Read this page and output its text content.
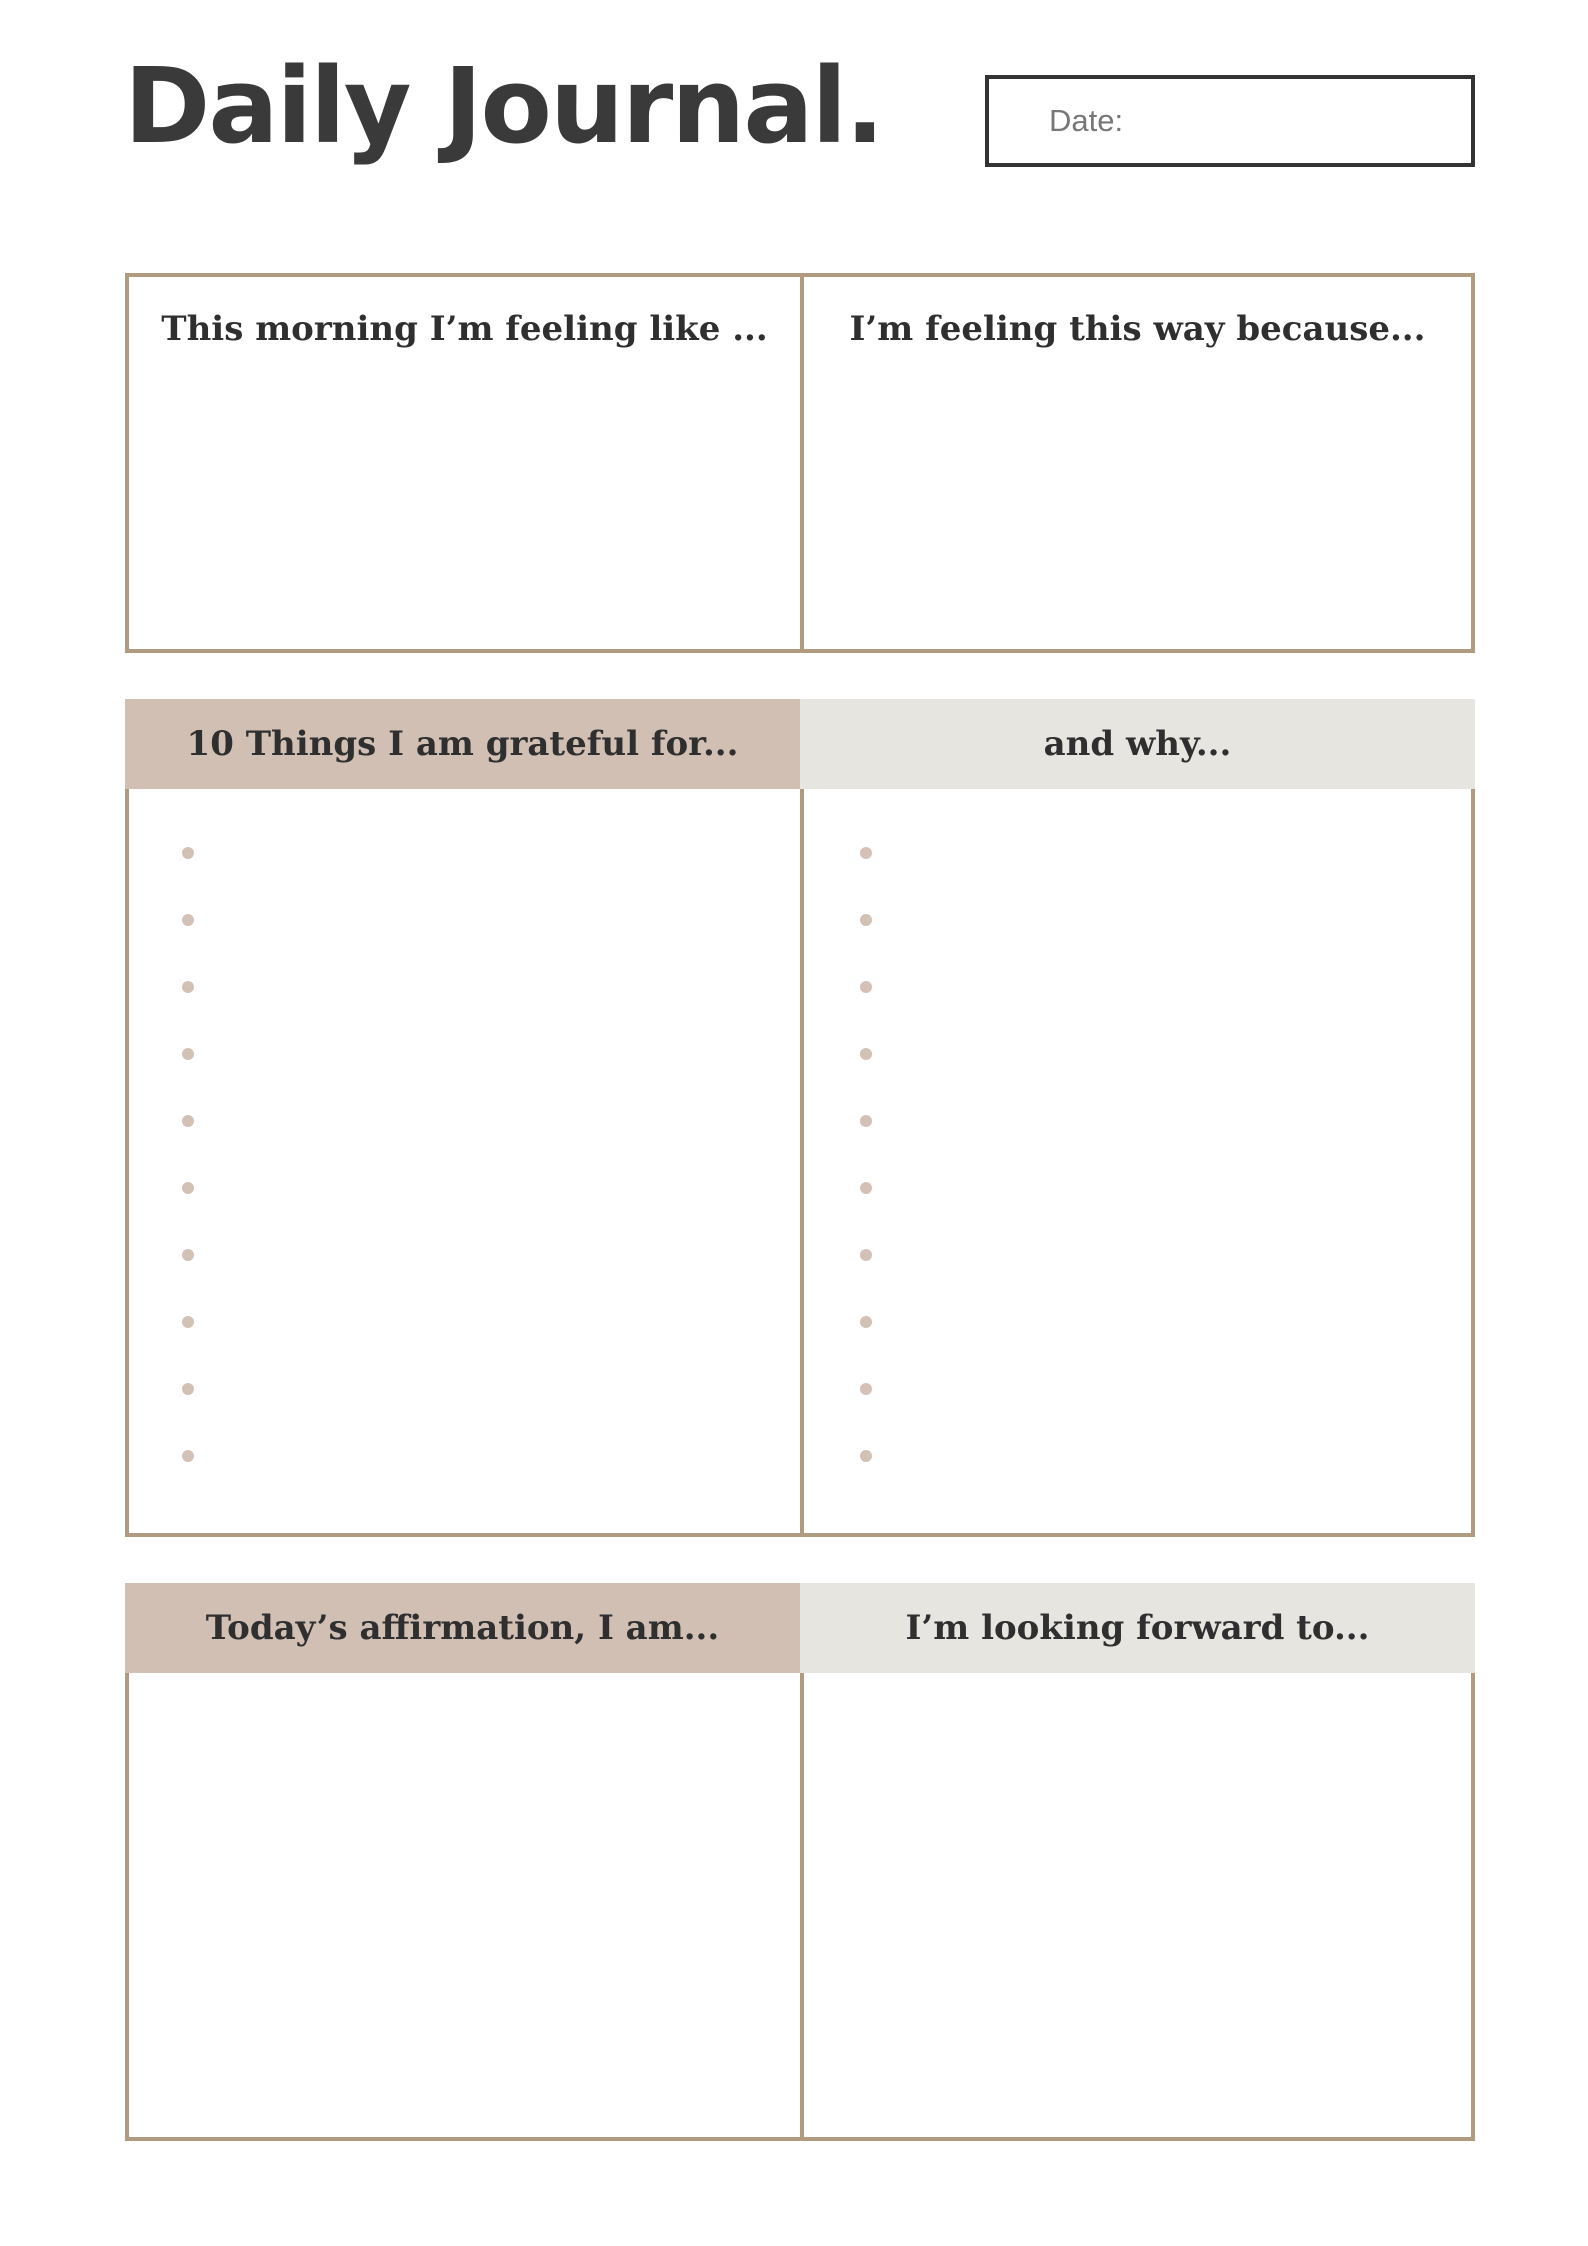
Daily Journal.	Date:
This morning I’m feeling like ...	I’m feeling this way because...
10 Things I am grateful for...	and why...
Today’s affirmation, I am...	I’m looking forward to...
